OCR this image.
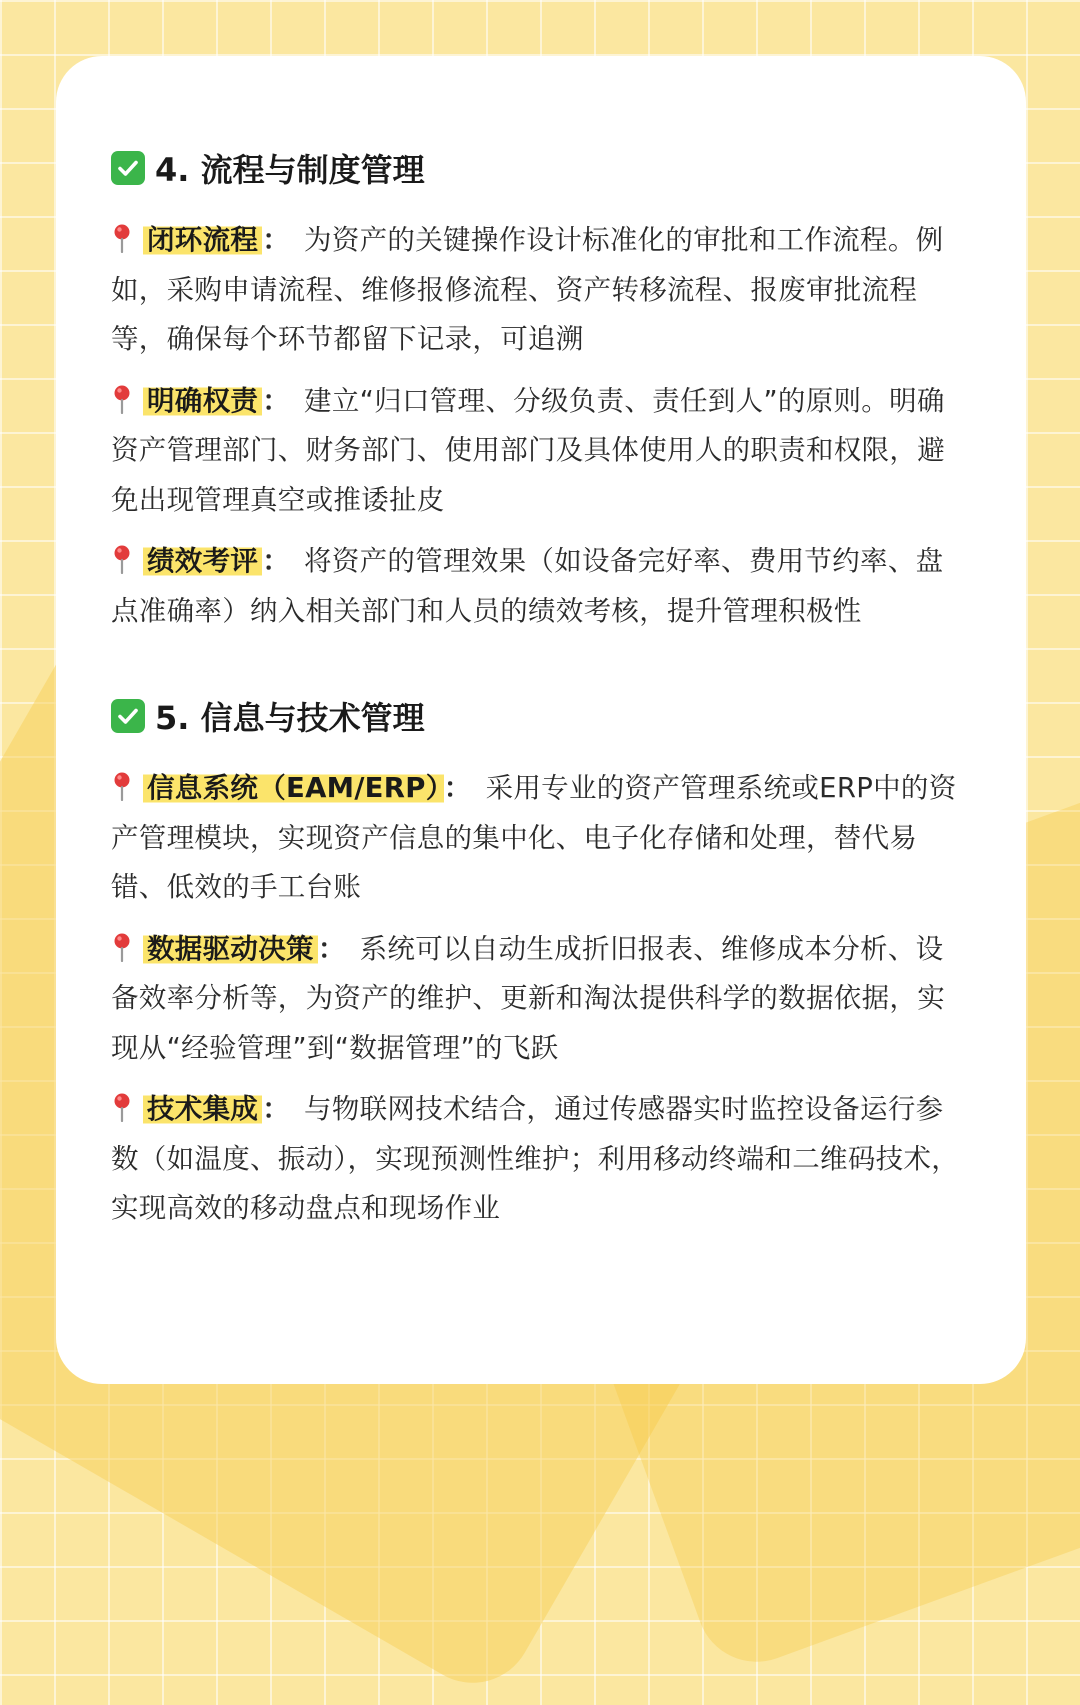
4. 流程与制度管理
闭环流程 ： 为资产的关键操作设计标准化的审批和工作流程。例如，采购申请流程、维修报修流程、资产转移流程、报废审批流程等，确保每个环节都留下记录，可追溯
明确权责 ： 建立“归口管理、分级负责、责任到人”的原则。明确资产管理部门、财务部门、使用部门及具体使用人的职责和权限，避免出现管理真空或推诿扯皮
绩效考评 ： 将资产的管理效果（如设备完好率、费用节约率、盘点准确率）纳入相关部门和人员的绩效考核，提升管理积极性
5. 信息与技术管理
信息系统（EAM/ERP） ： 采用专业的资产管理系统或ERP中的资产管理模块，实现资产信息的集中化、电子化存储和处理，替代易错、低效的手工台账
数据驱动决策 ： 系统可以自动生成折旧报表、维修成本分析、设备效率分析等，为资产的维护、更新和淘汰提供科学的数据依据，实现从“经验管理”到“数据管理”的飞跃
技术集成 ： 与物联网技术结合，通过传感器实时监控设备运行参数（如温度、振动），实现预测性维护；利用移动终端和二维码技术，实现高效的移动盘点和现场作业
